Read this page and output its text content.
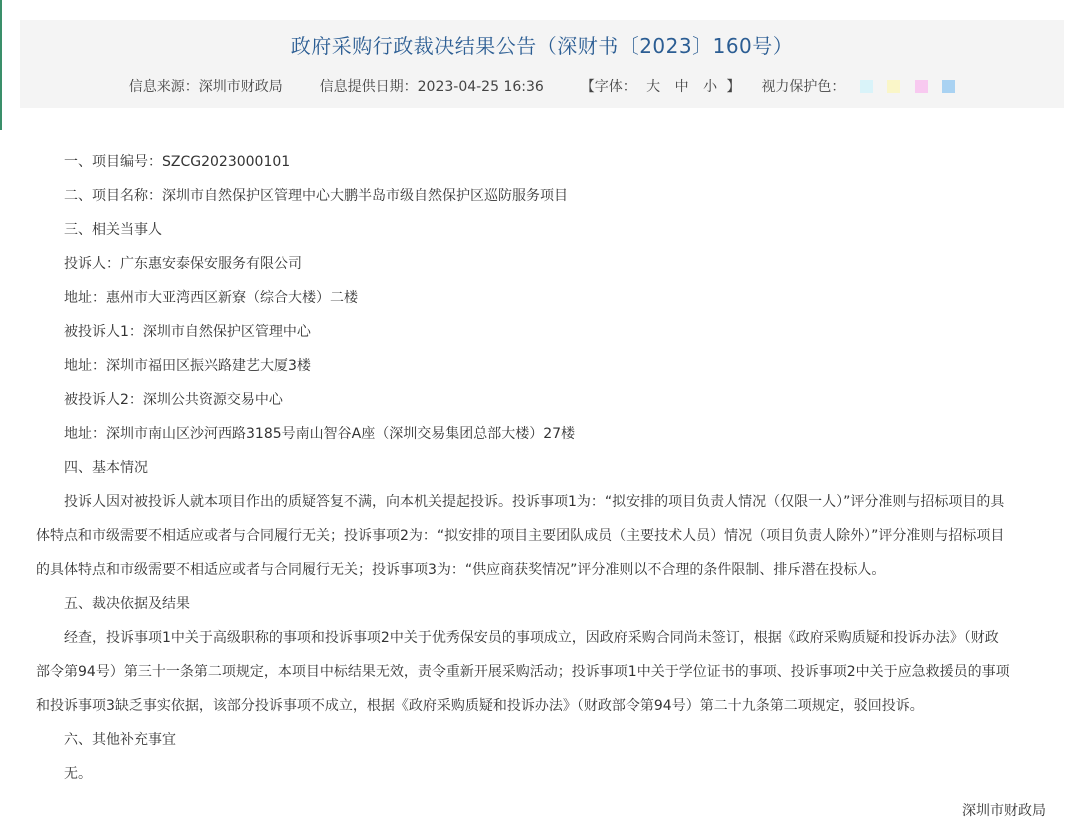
政府采购行政裁决结果公告（深财书〔2023〕160号）
信息来源：深圳市财政局	信息提供日期：2023-04-25 16:36	【字体： 大 中 小 】 视力保护色：
一、项目编号：SZCG2023000101
二、项目名称：深圳市自然保护区管理中心大鹏半岛市级自然保护区巡防服务项目
三、相关当事人
投诉人：广东惠安泰保安服务有限公司
地址：惠州市大亚湾西区新寮（综合大楼）二楼
被投诉人1：深圳市自然保护区管理中心
地址：深圳市福田区振兴路建艺大厦3楼
被投诉人2：深圳公共资源交易中心
地址：深圳市南山区沙河西路3185号南山智谷A座（深圳交易集团总部大楼）27楼
四、基本情况
投诉人因对被投诉人就本项目作出的质疑答复不满，向本机关提起投诉。投诉事项1为：“拟安排的项目负责人情况（仅限一人）”评分准则与招标项目的具
体特点和市级需要不相适应或者与合同履行无关；投诉事项2为：“拟安排的项目主要团队成员（主要技术人员）情况（项目负责人除外）”评分准则与招标项目
的具体特点和市级需要不相适应或者与合同履行无关；投诉事项3为：“供应商获奖情况”评分准则以不合理的条件限制、排斥潜在投标人。
五、裁决依据及结果
经查，投诉事项1中关于高级职称的事项和投诉事项2中关于优秀保安员的事项成立，因政府采购合同尚未签订，根据《政府采购质疑和投诉办法》（财政
部令第94号）第三十一条第二项规定，本项目中标结果无效，责令重新开展采购活动；投诉事项1中关于学位证书的事项、投诉事项2中关于应急救援员的事项
和投诉事项3缺乏事实依据，该部分投诉事项不成立，根据《政府采购质疑和投诉办法》（财政部令第94号）第二十九条第二项规定，驳回投诉。
六、其他补充事宜
无。
深圳市财政局
